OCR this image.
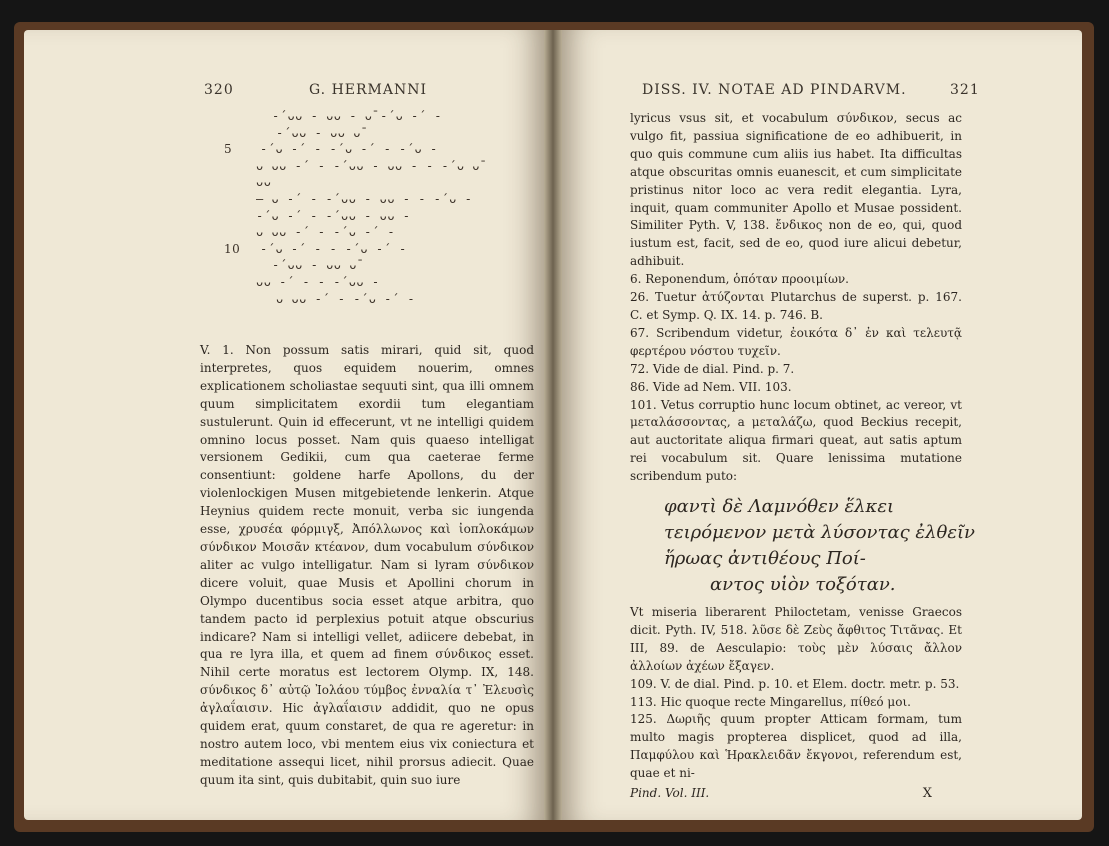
320	G. HERMANNI
-´ᴗᴗ - ᴗᴗ - ᴗ̄ -´ᴗ -´ -
-´ᴗᴗ - ᴗᴗ ᴗ̄
5 -´ᴗ -´ - -´ᴗ -´ - -´ᴗ -
ᴗ ᴗᴗ -´ - -´ᴗᴗ - ᴗᴗ - - -´ᴗ ᴗ̄
ᴗᴗ
— ᴗ -´ - -´ᴗᴗ - ᴗᴗ - - -´ᴗ -
-´ᴗ -´ - -´ᴗᴗ - ᴗᴗ -
ᴗ ᴗᴗ -´ - -´ᴗ -´ -
10 -´ᴗ -´ - - -´ᴗ -´ -
-´ᴗᴗ - ᴗᴗ ᴗ̄
ᴗᴗ -´ - - -´ᴗᴗ -
ᴗ ᴗᴗ -´ - -´ᴗ -´ -

V. 1. Non possum satis mirari, quid sit, quod interpretes, quos equidem nouerim, omnes explicationem scholiastae sequuti sint, qua illi omnem quum simplicitatem exordii tum elegantiam sustulerunt. Quin id effecerunt, vt ne intelligi quidem omnino locus posset. Nam quis quaeso intelligat versionem Gedikii, cum qua caeterae ferme consentiunt: goldene harfe Apollons, du der violenlockigen Musen mitgebietende lenkerin. Atque Heynius quidem recte monuit, verba sic iungenda esse, χρυσέα φόρμιγξ, Ἀπόλλωνος καὶ ἰοπλοκάμων σύνδικον Μοισᾶν κτέανον, dum vocabulum σύνδικον aliter ac vulgo intelligatur. Nam si lyram σύνδικον dicere voluit, quae Musis et Apollini chorum in Olympo ducentibus socia esset atque arbitra, quo tandem pacto id perplexius potuit atque obscurius indicare? Nam si intelligi vellet, adiicere debebat, in qua re lyra illa, et quem ad finem σύνδικος esset. Nihil certe moratus est lectorem Olymp. IX, 148. σύνδικος δ᾽ αὐτῷ Ἰολάου τύμβος ἐνναλία τ᾽ Ἐλευσὶς ἀγλαΐαισιν. Hic ἀγλαΐαισιν addidit, quo ne opus quidem erat, quum constaret, de qua re ageretur: in nostro autem loco, vbi mentem eius vix coniectura et meditatione assequi licet, nihil prorsus adiecit. Quae quum ita sint, quis dubitabit, quin suo iure

DISS. IV. NOTAE AD PINDARVM.	321

lyricus vsus sit, et vocabulum σύνδικον, secus ac vulgo fit, passiua significatione de eo adhibuerit, in quo quis commune cum aliis ius habet. Ita difficultas atque obscuritas omnis euanescit, et cum simplicitate pristinus nitor loco ac vera redit elegantia. Lyra, inquit, quam communiter Apollo et Musae possident. Similiter Pyth. V, 138. ἔνδικος non de eo, qui, quod iustum est, facit, sed de eo, quod iure alicui debetur, adhibuit.

6. Reponendum, ὁπόταν προοιμίων.

26. Tuetur ἀτύζονται Plutarchus de superst. p. 167. C. et Symp. Q. IX. 14. p. 746. B.

67. Scribendum videtur, ἐοικότα δ᾽ ἐν καὶ τελευτᾷ φερτέρου νόστου τυχεῖν.

72. Vide de dial. Pind. p. 7.

86. Vide ad Nem. VII. 103.

101. Vetus corruptio hunc locum obtinet, ac vereor, vt μεταλάσσοντας, a μεταλάζω, quod Beckius recepit, aut auctoritate aliqua firmari queat, aut satis aptum rei vocabulum sit. Quare lenissima mutatione scribendum puto:

φαντὶ δὲ Λαμνόθεν ἕλκει
τειρόμενον μετὰ λύσοντας ἐλθεῖν
ἥρωας ἀντιθέους Ποί-
αντος υἱὸν τοξόταν.

Vt miseria liberarent Philoctetam, venisse Graecos dicit. Pyth. IV, 518. λῦσε δὲ Ζεὺς ἄφθιτος Τιτᾶνας. Et III, 89. de Aesculapio: τοὺς μὲν λύσαις ἄλλον ἀλλοίων ἀχέων ἔξαγεν.

109. V. de dial. Pind. p. 10. et Elem. doctr. metr. p. 53.

113. Hic quoque recte Mingarellus, πίθεό μοι.

125. Δωριῆς quum propter Atticam formam, tum multo magis propterea displicet, quod ad illa, Παμφύλου καὶ Ἡρακλειδᾶν ἔκγονοι, referendum est, quae et ni-

Pind. Vol. III.	X
